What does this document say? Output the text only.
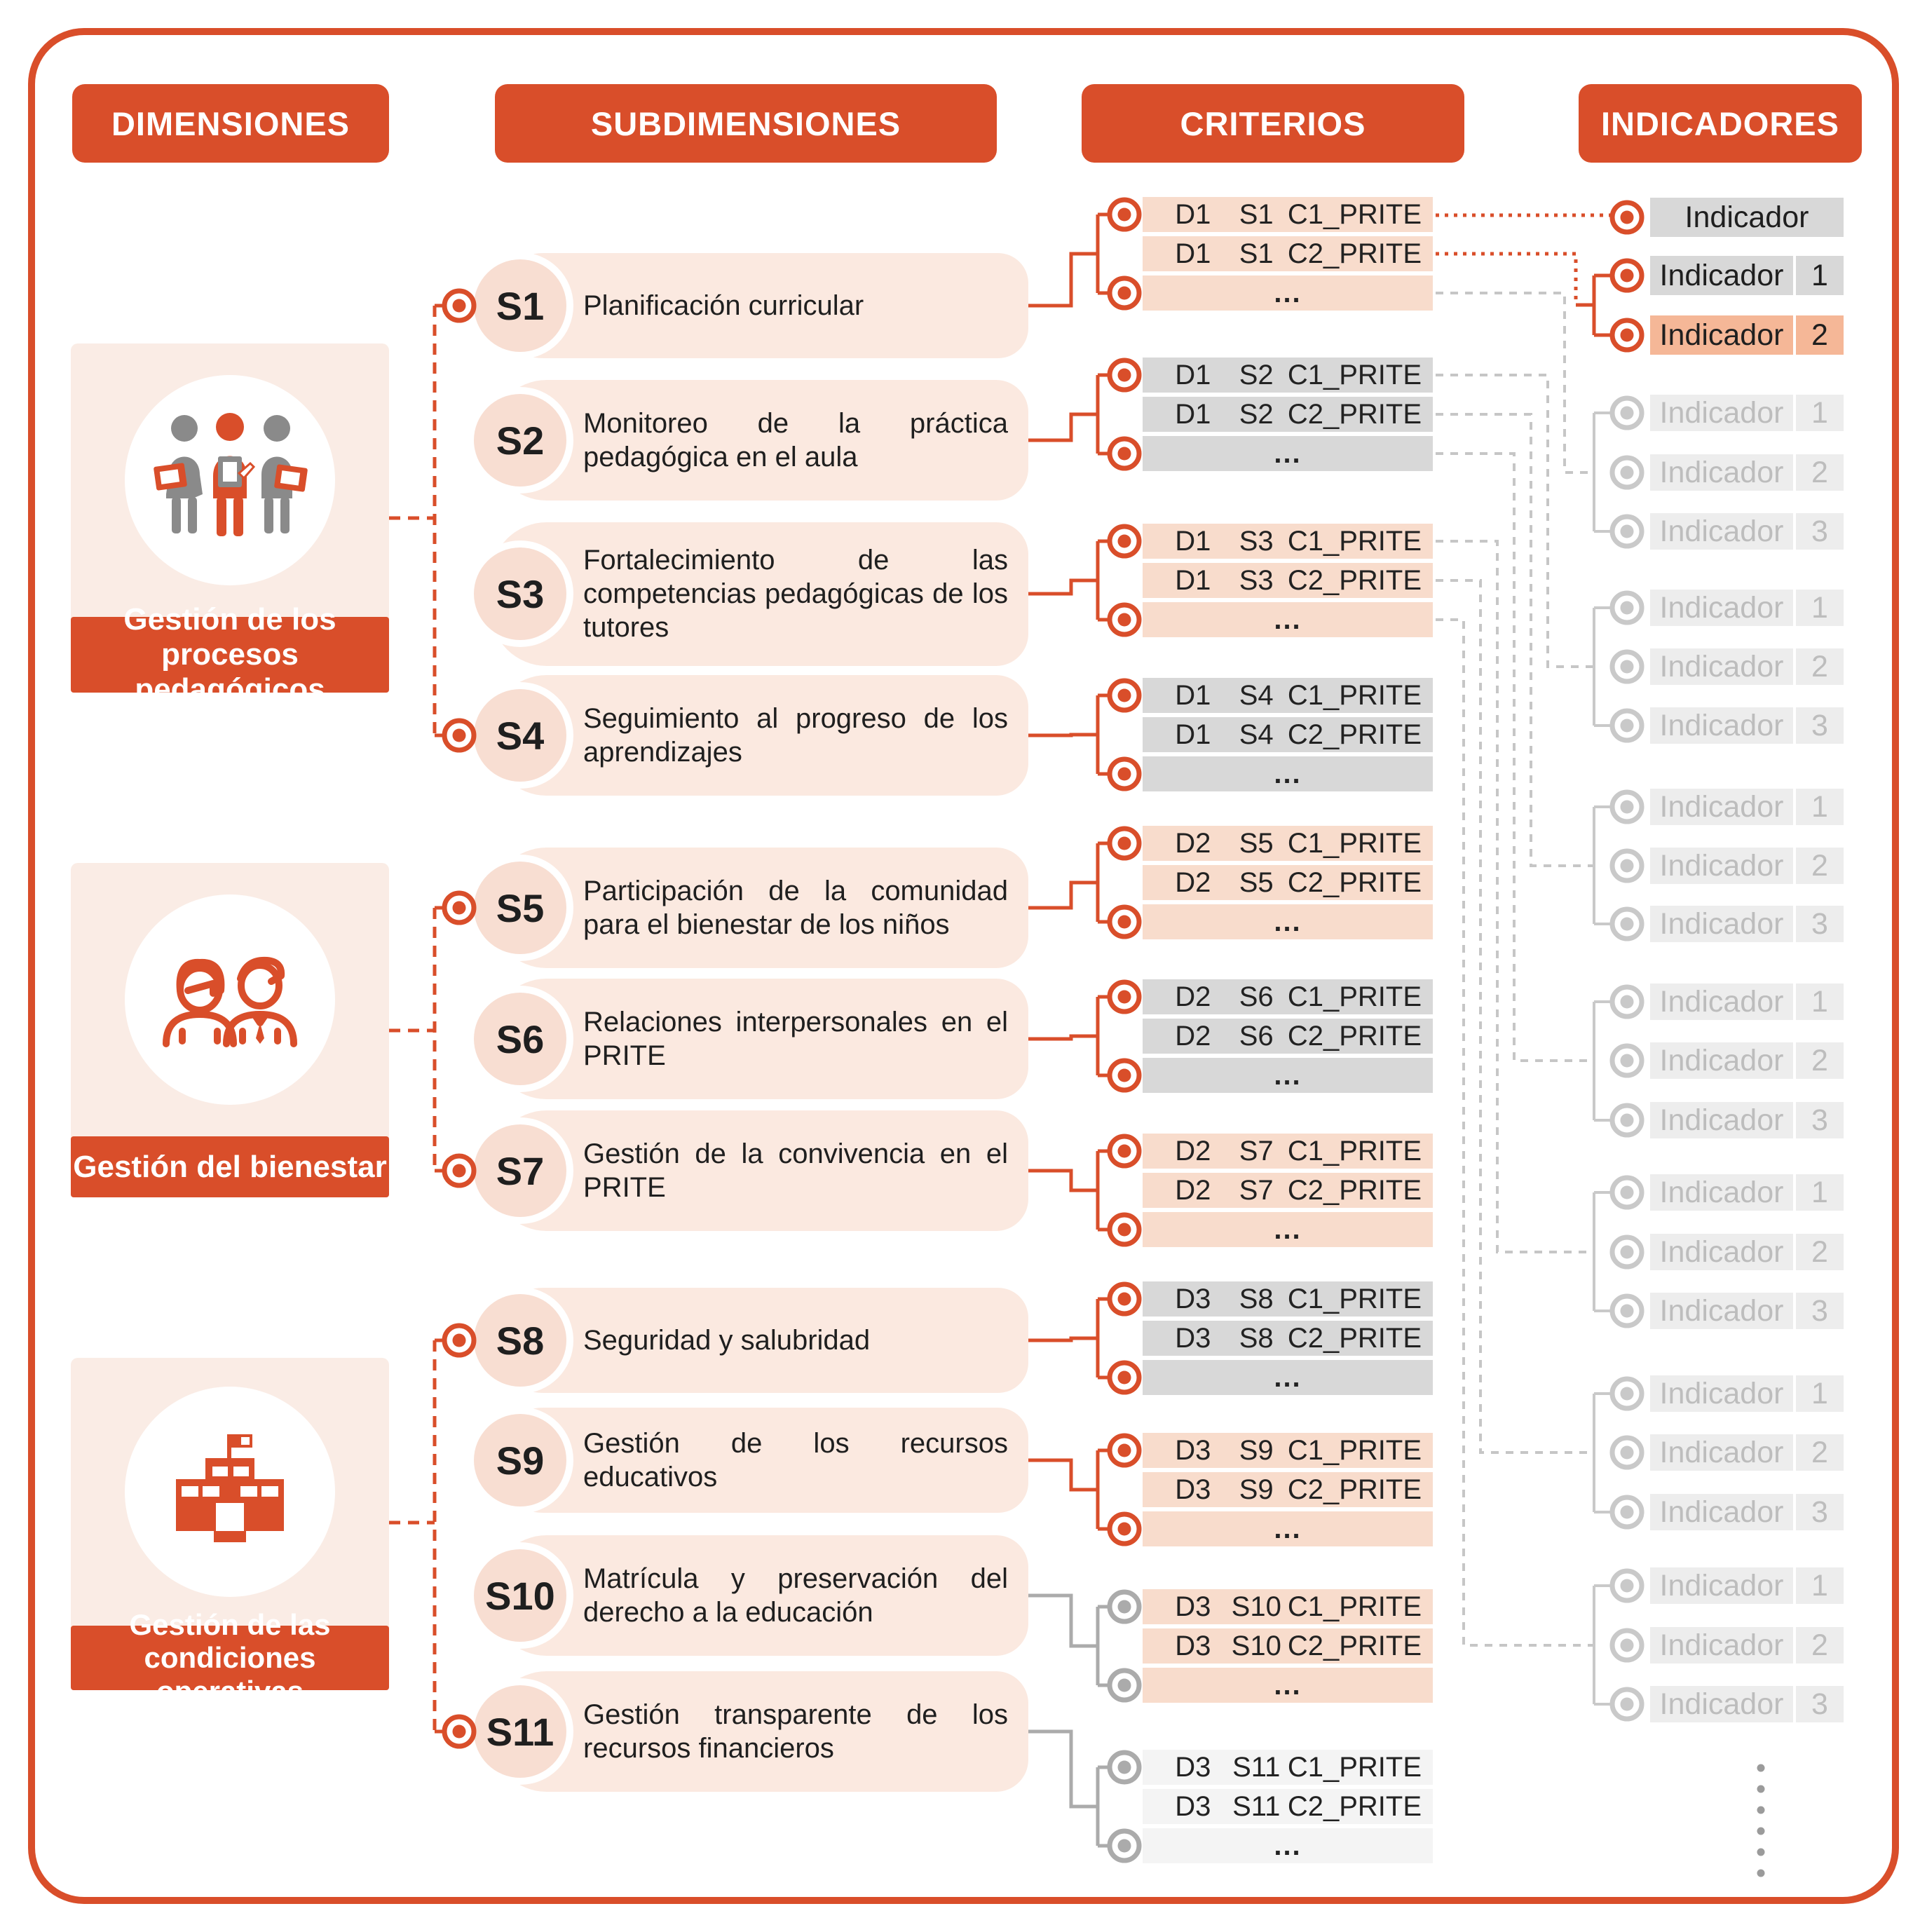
DIMENSIONES	SUBDIMENSIONES	CRITERIOS	INDICADORES
Gestión de los procesos pedagógicos
Gestión del bienestar
Gestión de las condiciones operativas
Planificación curricular
S1
Monitoreo de la práctica pedagógica en el aula
S2
Fortalecimiento de las competencias pedagógicas de los tutores
S3
Seguimiento al progreso de los aprendizajes
S4
Participación de la comunidad para el bienestar de los niños
S5
Relaciones interpersonales en el PRITE
S6
Gestión de la convivencia en el PRITE
S7
Seguridad y salubridad
S8
Gestión de los recursos educativos
S9
Matrícula y preservación del derecho a la educación
S10
Gestión transparente de los recursos financieros
S11
D1	S1 C1_PRITE
D1	S1 C2_PRITE
...
D1	S2 C1_PRITE
D1	S2 C2_PRITE
...
D1	S3 C1_PRITE
D1	S3 C2_PRITE
...
D1	S4 C1_PRITE
D1	S4 C2_PRITE
...
D2	S5 C1_PRITE
D2	S5 C2_PRITE
...
D2	S6 C1_PRITE
D2	S6 C2_PRITE
...
D2	S7 C1_PRITE
D2	S7 C2_PRITE
...
D3	S8 C1_PRITE
D3	S8 C2_PRITE
...
D3	S9 C1_PRITE
D3	S9 C2_PRITE
...
D3 S10 C1_PRITE
D3 S10 C2_PRITE
...
D3 S11 C1_PRITE
D3 S11 C2_PRITE
...
Indicador
Indicador 1
Indicador 2
Indicador 1
Indicador 2
Indicador 3
Indicador 1
Indicador 2
Indicador 3
Indicador 1
Indicador 2
Indicador 3
Indicador 1
Indicador 2
Indicador 3
Indicador 1
Indicador 2
Indicador 3
Indicador 1
Indicador 2
Indicador 3
Indicador 1
Indicador 2
Indicador 3
